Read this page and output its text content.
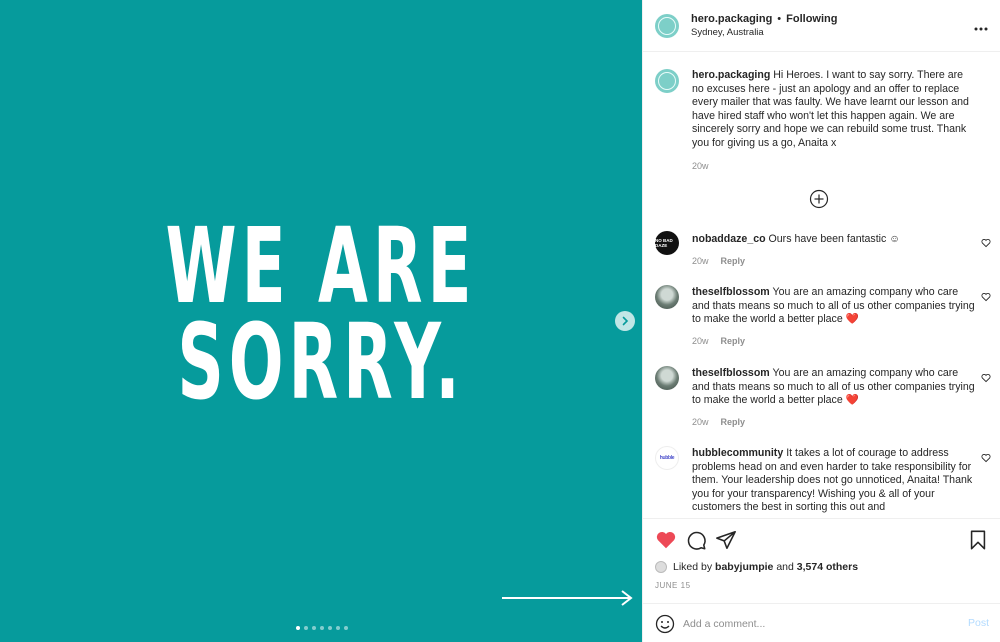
WE ARE
SORRY.
hero.packaging • Following
Sydney, Australia
hero.packaging Hi Heroes. I want to say sorry. There are no excuses here - just an apology and an offer to replace every mailer that was faulty. We have learnt our lesson and have hired staff who won't let this happen again. We are sincerely sorry and hope we can rebuild some trust. Thank you for giving us a go, Anaita x
20w
NO BAD DAZE
nobaddaze_co Ours have been fantastic ☺
20w Reply
theselfblossom You are an amazing company who care and thats means so much to all of us other companies trying to make the world a better place ❤️
20w Reply
theselfblossom You are an amazing company who care and thats means so much to all of us other companies trying to make the world a better place ❤️
20w Reply
hubble hubblecommunity It takes a lot of courage to address problems head on and even harder to take responsibility for them. Your leadership does not go unnoticed, Anaita! Thank you for your transparency! Wishing you & all of your customers the best in sorting this out and
Liked by
babyjumpie
and
3,574 others
JUNE 15
Add a comment...
Post
